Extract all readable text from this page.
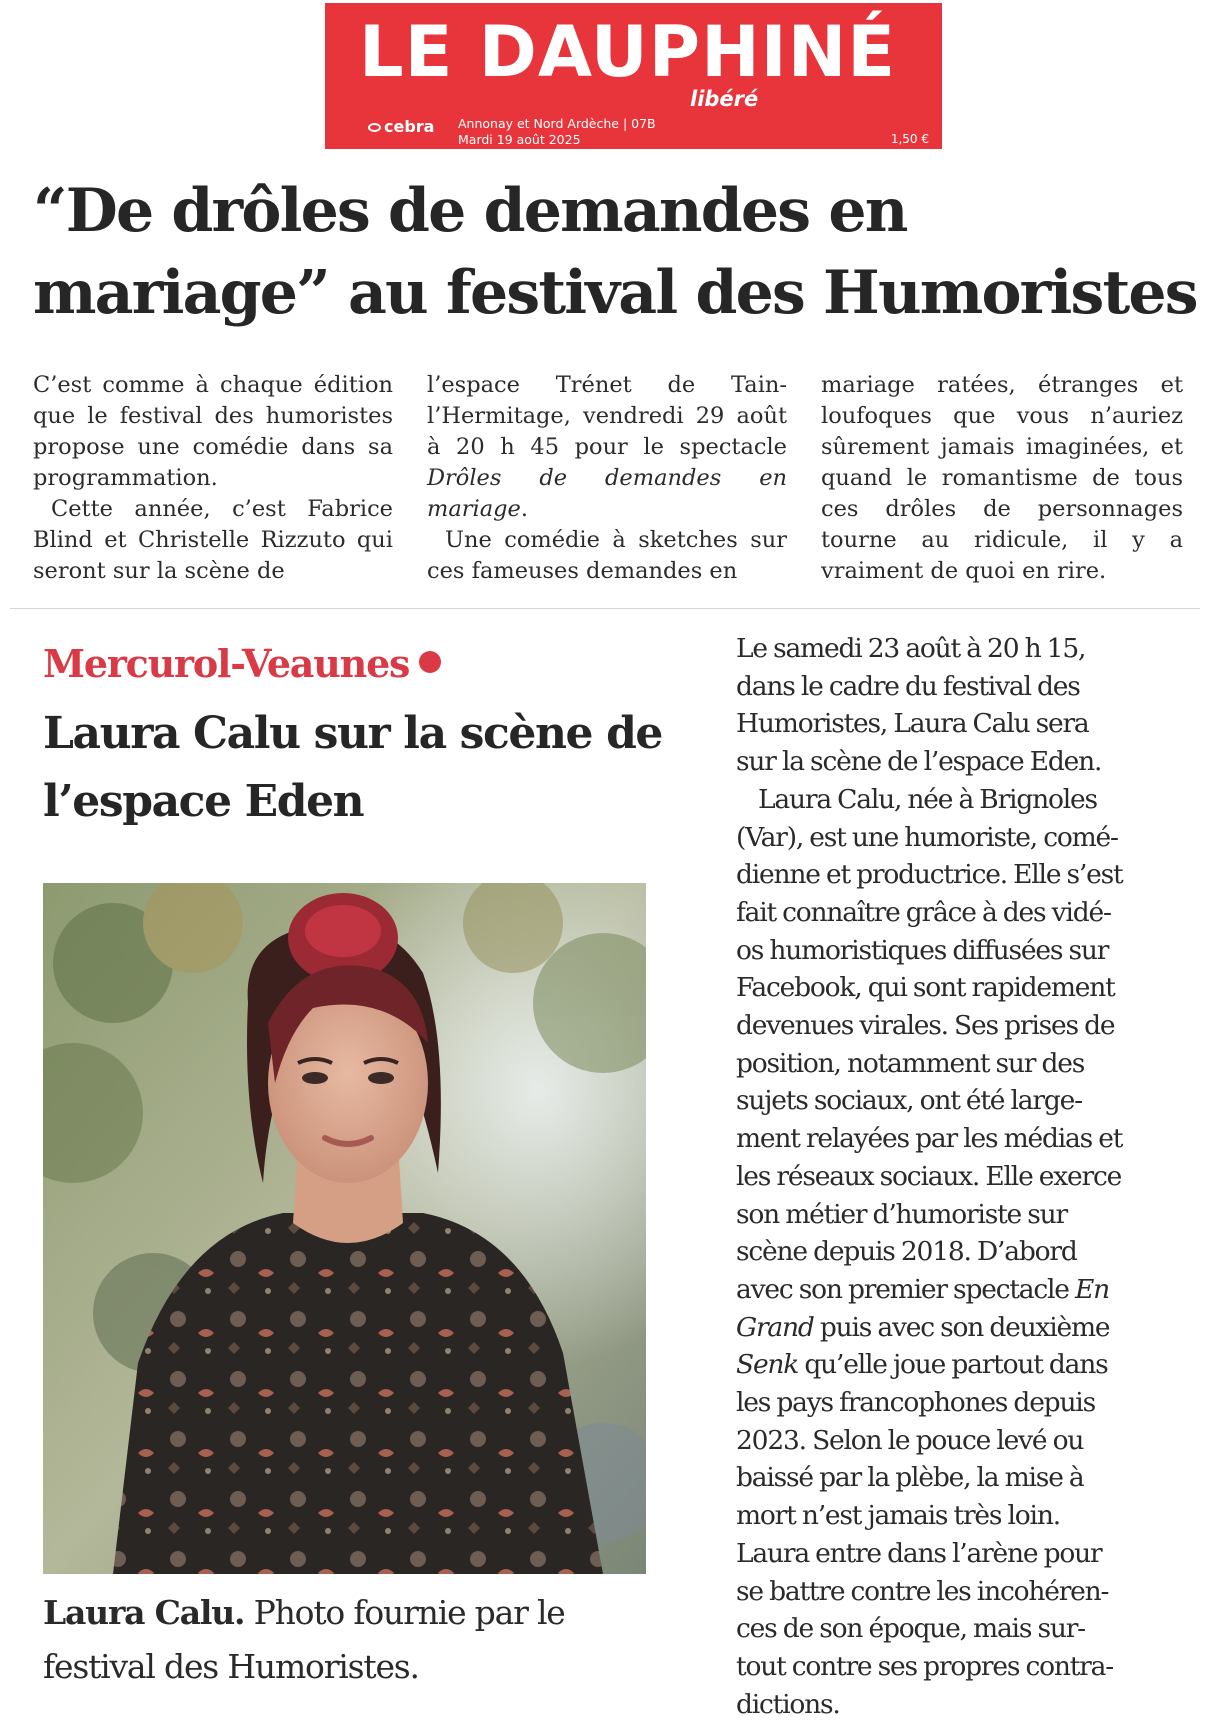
LE DAUPHINÉ
libéré
cebra Annonay et Nord Ardèche | 07B
Mardi 19 août 2025	1,50 €
“De drôles de demandes en mariage” au festival des Humoristes

C’est comme à chaque édition que le festival des humoristes propose une comédie dans sa programmation.

Cette année, c’est Fabrice Blind et Christelle Rizzuto qui seront sur la scène de

l’espace Trénet de Tain-l’Hermitage, vendredi 29 août à 20 h 45 pour le spectacle Drôles de demandes en mariage.

Une comédie à sketches sur ces fameuses demandes en

mariage ratées, étranges et loufoques que vous n’auriez sûrement jamais imaginées, et quand le romantisme de tous ces drôles de personnages tourne au ridicule, il y a vraiment de quoi en rire.

Mercurol-Veaunes
Laura Calu sur la scène de l’espace Eden
Laura Calu. Photo fournie par le festival des Humoristes.

Le samedi 23 août à 20 h 15,
dans le cadre du festival des
Humoristes, Laura Calu sera
sur la scène de l’espace Eden.

Laura Calu, née à Brignoles
(Var), est une humoriste, comé-
dienne et productrice. Elle s’est
fait connaître grâce à des vidé-
os humoristiques diffusées sur
Facebook, qui sont rapidement
devenues virales. Ses prises de
position, notamment sur des
sujets sociaux, ont été large-
ment relayées par les médias et
les réseaux sociaux. Elle exerce
son métier d’humoriste sur
scène depuis 2018. D’abord
avec son premier spectacle En
Grand puis avec son deuxième
Senk qu’elle joue partout dans
les pays francophones depuis
2023. Selon le pouce levé ou
baissé par la plèbe, la mise à
mort n’est jamais très loin.
Laura entre dans l’arène pour
se battre contre les incohéren-
ces de son époque, mais sur-
tout contre ses propres contra-
dictions.
